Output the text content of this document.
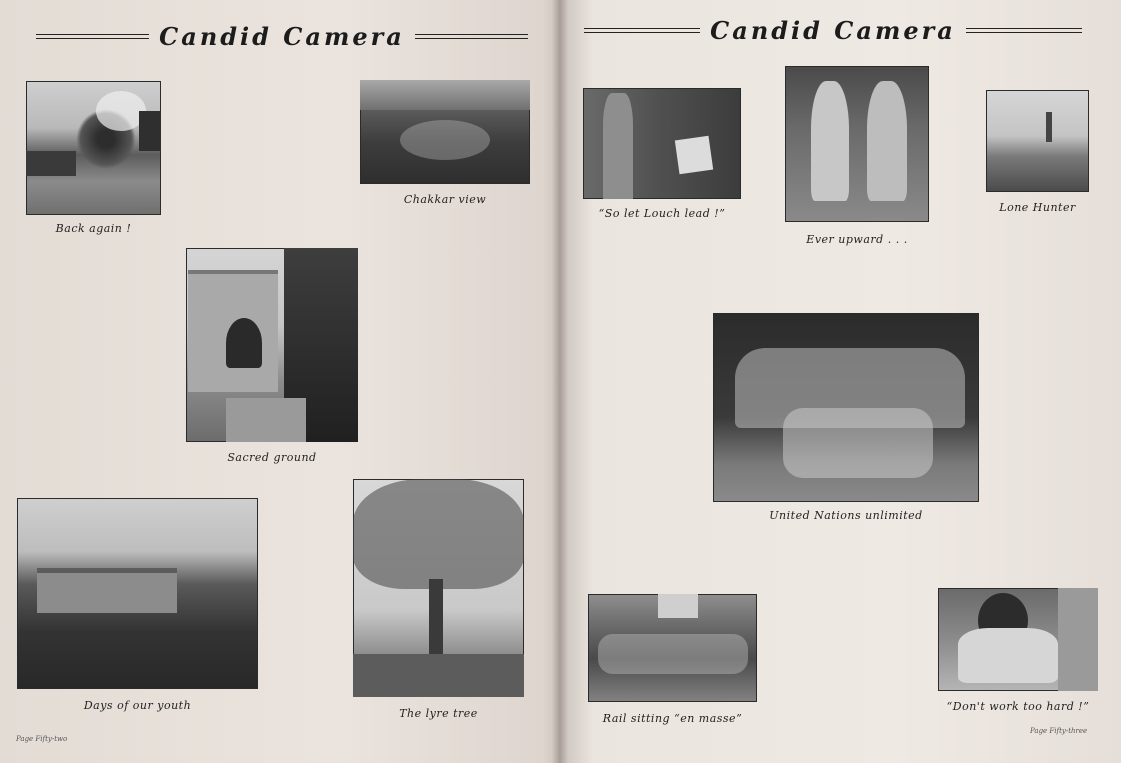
Candid Camera
Back again !
Chakkar view
Sacred ground
Days of our youth
The lyre tree
Page Fifty-two
Candid Camera
“So let Louch lead !”
Ever upward . . .
Lone Hunter
United Nations unlimited
Rail sitting “en masse”
“Don't work too hard !”
Page Fifty-three
